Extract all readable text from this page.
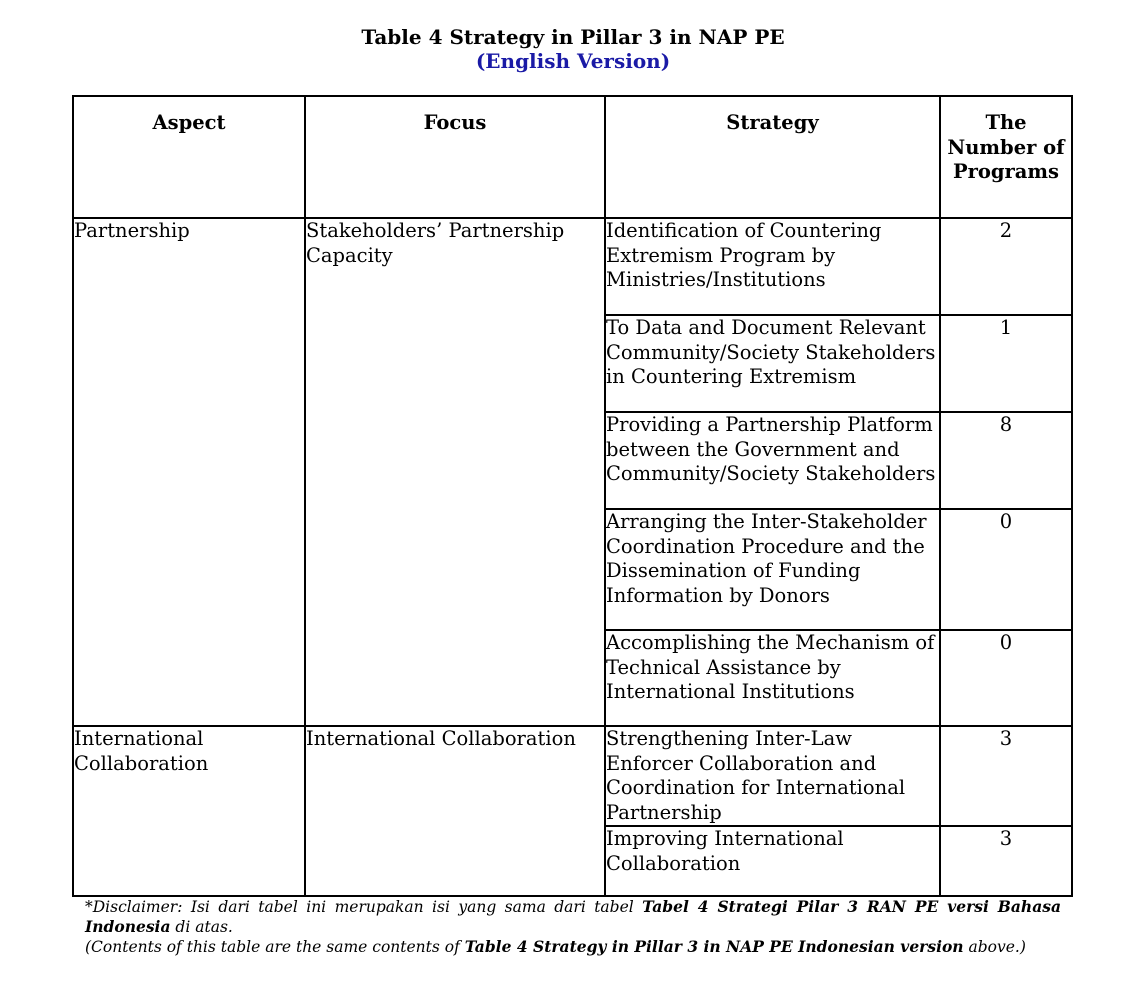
Table 4 Strategy in Pillar 3 in NAP PE
(English Version)
Aspect	Focus	Strategy	The Number of Programs
Partnership	Stakeholders’ Partnership Capacity	Identification of Countering Extremism Program by Ministries/Institutions	2
		To Data and Document Relevant Community/Society Stakeholders in Countering Extremism	1
		Providing a Partnership Platform between the Government and Community/Society Stakeholders	8
		Arranging the Inter-Stakeholder Coordination Procedure and the Dissemination of Funding Information by Donors	0
		Accomplishing the Mechanism of Technical Assistance by International Institutions	0
International Collaboration	International Collaboration	Strengthening Inter-Law Enforcer Collaboration and Coordination for International Partnership	3
		Improving International Collaboration	3
*Disclaimer: Isi dari tabel ini merupakan isi yang sama dari tabel Tabel 4 Strategi Pilar 3 RAN PE versi Bahasa Indonesia di atas.
(Contents of this table are the same contents of Table 4 Strategy in Pillar 3 in NAP PE Indonesian version above.)
